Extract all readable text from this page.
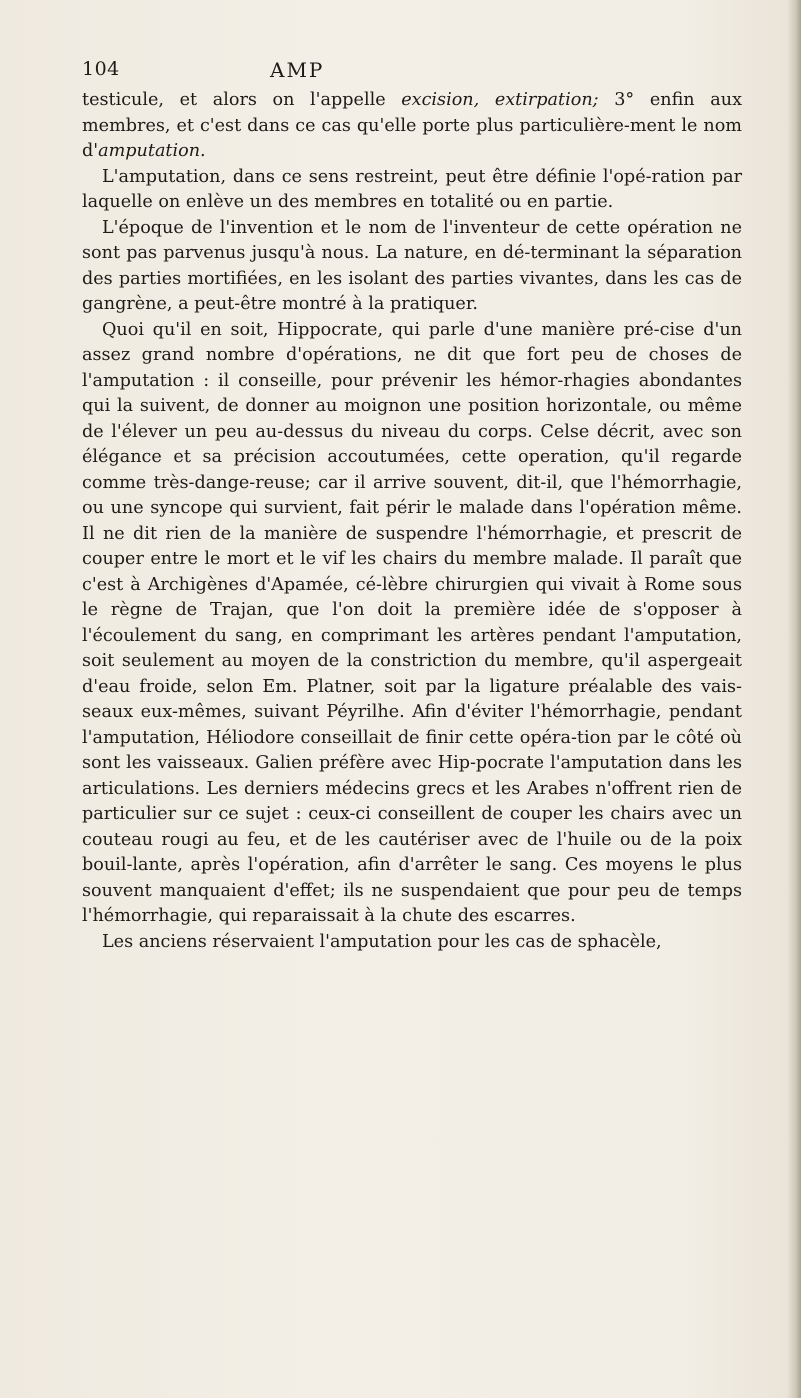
104	AMP

testicule, et alors on l'appelle excision, extirpation; 3° enfin aux membres, et c'est dans ce cas qu'elle porte plus particulière-ment le nom d'amputation.

L'amputation, dans ce sens restreint, peut être définie l'opé-ration par laquelle on enlève un des membres en totalité ou en partie.

L'époque de l'invention et le nom de l'inventeur de cette opération ne sont pas parvenus jusqu'à nous. La nature, en dé-terminant la séparation des parties mortifiées, en les isolant des parties vivantes, dans les cas de gangrène, a peut-être montré à la pratiquer.

Quoi qu'il en soit, Hippocrate, qui parle d'une manière pré-cise d'un assez grand nombre d'opérations, ne dit que fort peu de choses de l'amputation : il conseille, pour prévenir les hémor-rhagies abondantes qui la suivent, de donner au moignon une position horizontale, ou même de l'élever un peu au-dessus du niveau du corps. Celse décrit, avec son élégance et sa précision accoutumées, cette operation, qu'il regarde comme très-dange-reuse; car il arrive souvent, dit-il, que l'hémorrhagie, ou une syncope qui survient, fait périr le malade dans l'opération même. Il ne dit rien de la manière de suspendre l'hémorrhagie, et prescrit de couper entre le mort et le vif les chairs du membre malade. Il paraît que c'est à Archigènes d'Apamée, cé-lèbre chirurgien qui vivait à Rome sous le règne de Trajan, que l'on doit la première idée de s'opposer à l'écoulement du sang, en comprimant les artères pendant l'amputation, soit seulement au moyen de la constriction du membre, qu'il aspergeait d'eau froide, selon Em. Platner, soit par la ligature préalable des vais-seaux eux-mêmes, suivant Péyrilhe. Afin d'éviter l'hémorrhagie, pendant l'amputation, Héliodore conseillait de finir cette opéra-tion par le côté où sont les vaisseaux. Galien préfère avec Hip-pocrate l'amputation dans les articulations. Les derniers médecins grecs et les Arabes n'offrent rien de particulier sur ce sujet : ceux-ci conseillent de couper les chairs avec un couteau rougi au feu, et de les cautériser avec de l'huile ou de la poix bouil-lante, après l'opération, afin d'arrêter le sang. Ces moyens le plus souvent manquaient d'effet; ils ne suspendaient que pour peu de temps l'hémorrhagie, qui reparaissait à la chute des escarres.

Les anciens réservaient l'amputation pour les cas de sphacèle,
